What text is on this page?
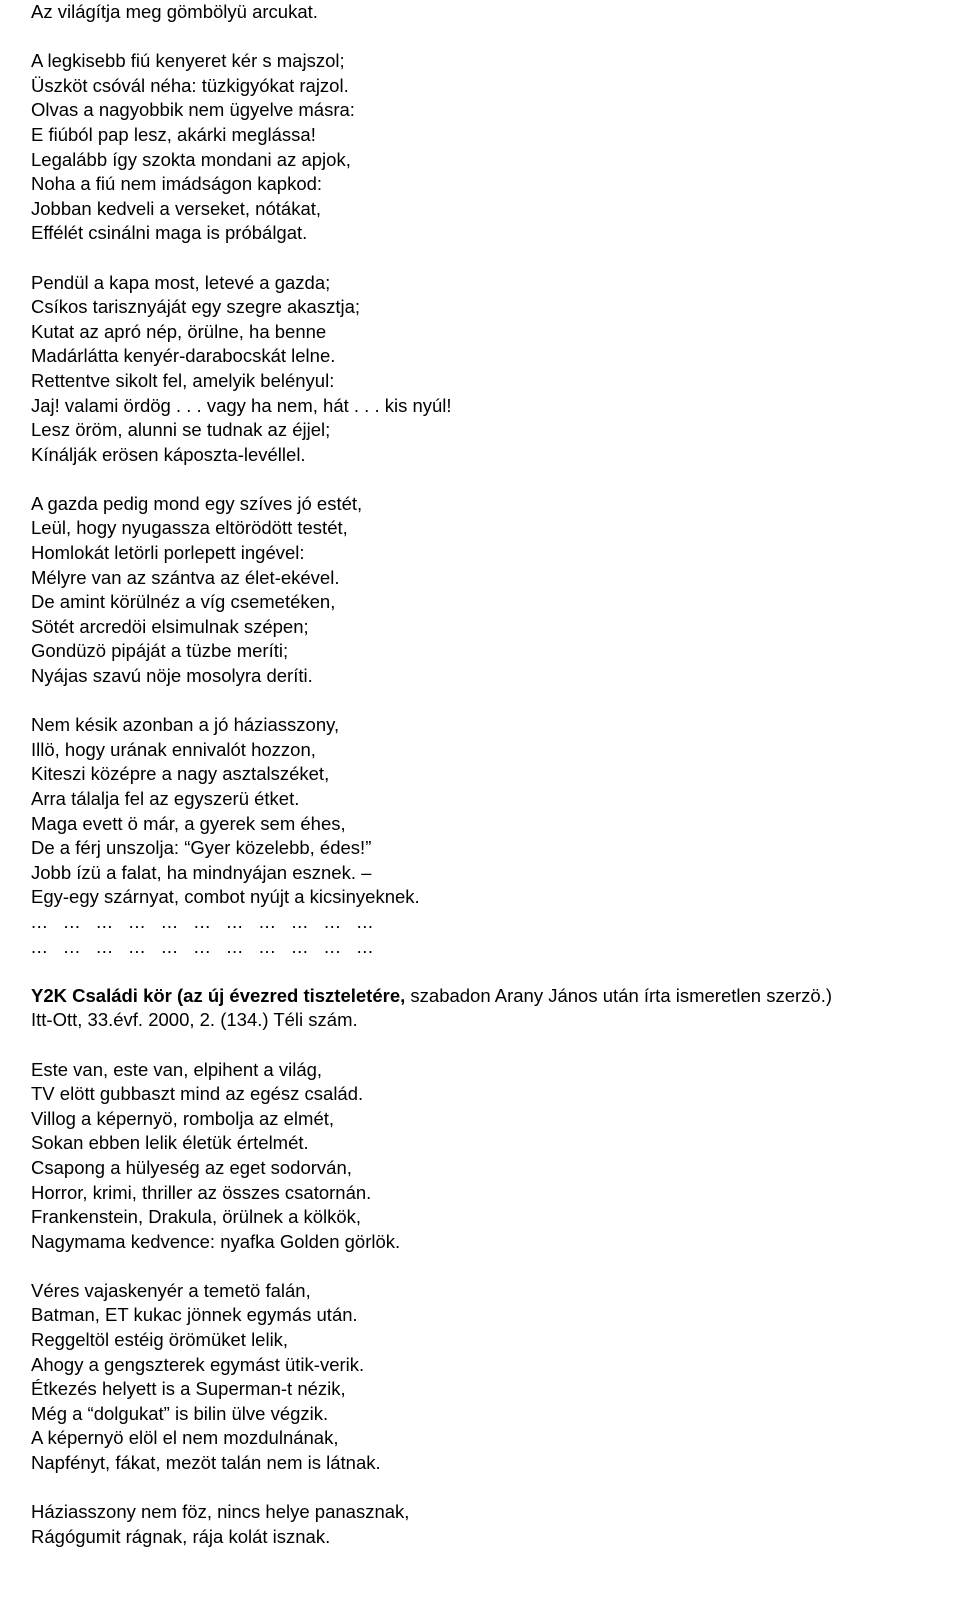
Az világítja meg gömbölyü arcukat.
A legkisebb fiú kenyeret kér s majszol;
Üszköt csóvál néha: tüzkigyókat rajzol.
Olvas a nagyobbik nem ügyelve másra:
E fiúból pap lesz, akárki meglássa!
Legalább így szokta mondani az apjok,
Noha a fiú nem imádságon kapkod:
Jobban kedveli a verseket, nótákat,
Effélét csinálni maga is próbálgat.
Pendül a kapa most, letevé a gazda;
Csíkos tarisznyáját egy szegre akasztja;
Kutat az apró nép, örülne, ha benne
Madárlátta kenyér-darabocskát lelne.
Rettentve sikolt fel, amelyik belényul:
Jaj! valami ördög . . . vagy ha nem, hát . . . kis nyúl!
Lesz öröm, alunni se tudnak az éjjel;
Kínálják erösen káposzta-levéllel.
A gazda pedig mond egy szíves jó estét,
Leül, hogy nyugassza eltörödött testét,
Homlokát letörli porlepett ingével:
Mélyre van az szántva az élet-ekével.
De amint körülnéz a víg csemetéken,
Sötét arcredöi elsimulnak szépen;
Gondüzö pipáját a tüzbe meríti;
Nyájas szavú nöje mosolyra deríti.
Nem késik azonban a jó háziasszony,
Illö, hogy urának ennivalót hozzon,
Kiteszi középre a nagy asztalszéket,
Arra tálalja fel az egyszerü étket.
Maga evett ö már, a gyerek sem éhes,
De a férj unszolja: “Gyer közelebb, édes!”
Jobb ízü a falat, ha mindnyájan esznek. –
Egy-egy szárnyat, combot nyújt a kicsinyeknek.
... ... ... ... ... ... ... ... ... ... ...
... ... ... ... ... ... ... ... ... ... ...
Y2K Családi kör (az új évezred tiszteletére, szabadon Arany János után írta ismeretlen szerzö.)
Itt-Ott, 33.évf. 2000, 2. (134.) Téli szám.
Este van, este van, elpihent a világ,
TV elött gubbaszt mind az egész család.
Villog a képernyö, rombolja az elmét,
Sokan ebben lelik életük értelmét.
Csapong a hülyeség az eget sodorván,
Horror, krimi, thriller az összes csatornán.
Frankenstein, Drakula, örülnek a kölkök,
Nagymama kedvence: nyafka Golden görlök.
Véres vajaskenyér a temetö falán,
Batman, ET kukac jönnek egymás után.
Reggeltöl estéig örömüket lelik,
Ahogy a gengszterek egymást ütik-verik.
Étkezés helyett is a Superman-t nézik,
Még a “dolgukat” is bilin ülve végzik.
A képernyö elöl el nem mozdulnának,
Napfényt, fákat, mezöt talán nem is látnak.
Háziasszony nem föz, nincs helye panasznak,
Rágógumit rágnak, rája kolát isznak.
